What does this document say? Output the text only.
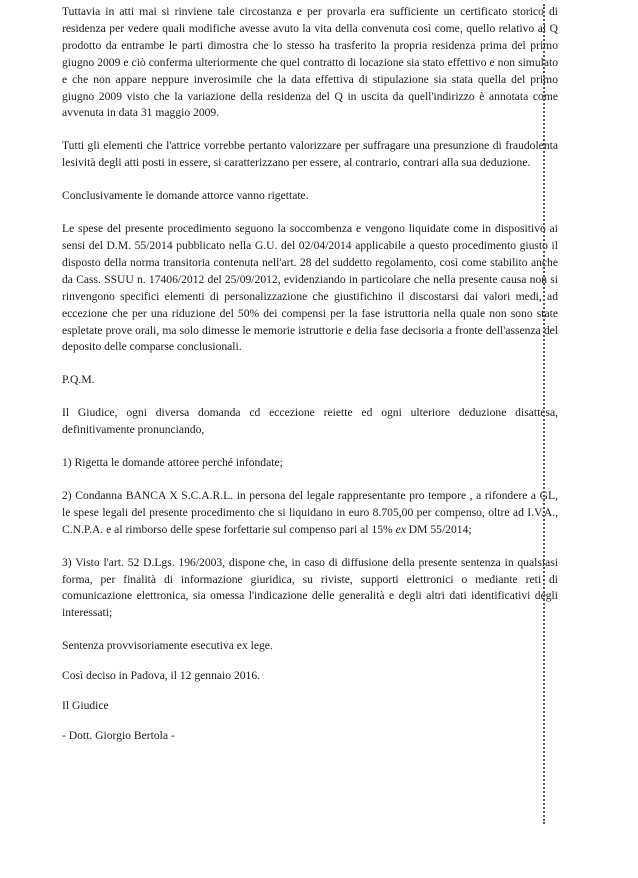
Tuttavia in atti mai si rinviene tale circostanza e per provarla era sufficiente un certificato storico di residenza per vedere quali modifiche avesse avuto la vita della convenuta così come, quello relativo al Q prodotto da entrambe le parti dimostra che lo stesso ha trasferito la propria residenza prima del primo giugno 2009 e ciò conferma ulteriormente che quel contratto di locazione sia stato effettivo e non simulato e che non appare neppure inverosimile che la data effettiva di stipulazione sia stata quella del primo giugno 2009 visto che la variazione della residenza del Q in uscita da quell'indirizzo è annotata come avvenuta in data 31 maggio 2009.

Tutti gli elementi che l'attrice vorrebbe pertanto valorizzare per suffragare una presunzione di fraudolenta lesività degli atti posti in essere, si caratterizzano per essere, al contrario, contrari alla sua deduzione.

Conclusivamente le domande attorce vanno rigettate.

Le spese del presente procedimento seguono la soccombenza e vengono liquidate come in dispositivo ai sensi del D.M. 55/2014 pubblicato nella G.U. del 02/04/2014 applicabile a questo procedimento giusto il disposto della norma transitoria contenuta nell'art. 28 del suddetto regolamento, così come stabilito anche da Cass. SSUU n. 17406/2012 del 25/09/2012, evidenziando in particolare che nella presente causa non si rinvengono specifici elementi di personalizzazione che giustifichino il discostarsi dai valori medi, ad eccezione che per una riduzione del 50% dei compensi per la fase istruttoria nella quale non sono state espletate prove orali, ma solo dimesse le memorie istruttorie e delia fase decisoria a fronte dell'assenza del deposito delle comparse conclusionali.

P.Q.M.

Il Giudice, ogni diversa domanda cd eccezione reiette ed ogni ulteriore deduzione disattesa, definitivamente pronunciando,

1) Rigetta le domande attoree perché infondate;

2) Condanna BANCA X S.C.A.R.L. in persona del legale rappresentante pro tempore , a rifondere a GL, le spese legali del presente procedimento che si liquidano in euro 8.705,00 per compenso, oltre ad I.V.A., C.N.P.A. e al rimborso delle spese forfettarie sul compenso pari al 15% ex DM 55/2014;

3) Visto l'art. 52 D.Lgs. 196/2003, dispone che, in caso di diffusione della presente sentenza in qualsiasi forma, per finalità di informazione giuridica, su riviste, supporti elettronici o mediante reti di comunicazione elettronica, sia omessa l'indicazione delle generalità e degli altri dati identificativi degli interessati;

Sentenza provvisoriamente esecutiva ex lege.

Così deciso in Padova, il 12 gennaio 2016.

Il Giudice

- Dott. Giorgio Bertola -
